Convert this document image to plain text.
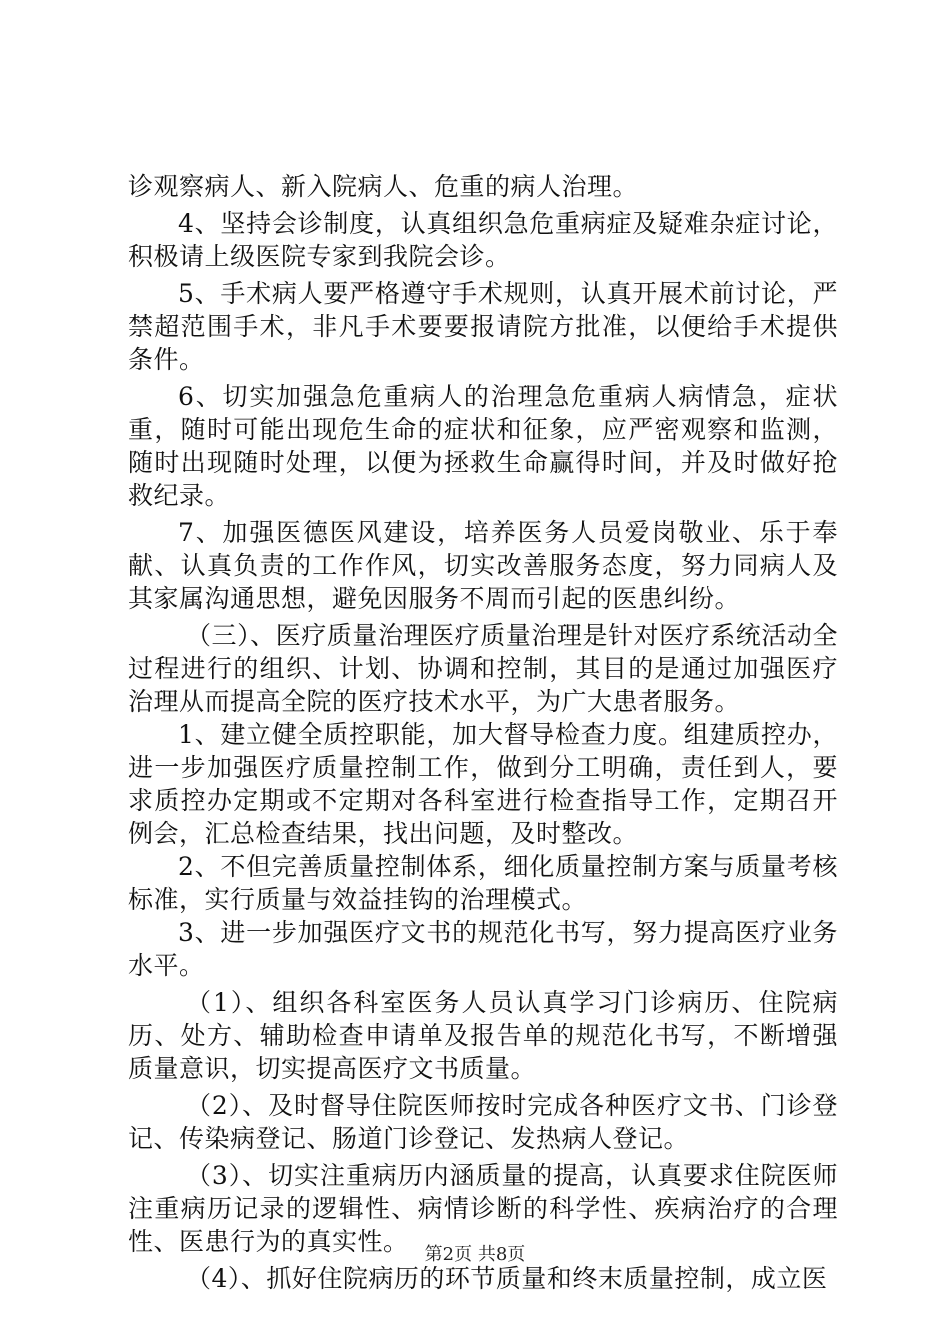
诊观察病人、新入院病人、危重的病人治理。

4、坚持会诊制度，认真组织急危重病症及疑难杂症讨论，积极请上级医院专家到我院会诊。

5、手术病人要严格遵守手术规则，认真开展术前讨论，严禁超范围手术，非凡手术要要报请院方批准，以便给手术提供条件。

6、切实加强急危重病人的治理急危重病人病情急，症状重，随时可能出现危生命的症状和征象，应严密观察和监测，随时出现随时处理，以便为拯救生命赢得时间，并及时做好抢救纪录。

7、加强医德医风建设，培养医务人员爱岗敬业、乐于奉献、认真负责的工作作风，切实改善服务态度，努力同病人及其家属沟通思想，避免因服务不周而引起的医患纠纷。

（三）、医疗质量治理医疗质量治理是针对医疗系统活动全过程进行的组织、计划、协调和控制，其目的是通过加强医疗治理从而提高全院的医疗技术水平，为广大患者服务。

1、建立健全质控职能，加大督导检查力度。组建质控办，进一步加强医疗质量控制工作，做到分工明确，责任到人，要求质控办定期或不定期对各科室进行检查指导工作，定期召开例会，汇总检查结果，找出问题，及时整改。

2、不但完善质量控制体系，细化质量控制方案与质量考核标准，实行质量与效益挂钩的治理模式。

3、进一步加强医疗文书的规范化书写，努力提高医疗业务水平。

（1）、组织各科室医务人员认真学习门诊病历、住院病历、处方、辅助检查申请单及报告单的规范化书写，不断增强质量意识，切实提高医疗文书质量。

（2）、及时督导住院医师按时完成各种医疗文书、门诊登记、传染病登记、肠道门诊登记、发热病人登记。

（3）、切实注重病历内涵质量的提高，认真要求住院医师注重病历记录的逻辑性、病情诊断的科学性、疾病治疗的合理性、医患行为的真实性。

（4）、抓好住院病历的环节质量和终末质量控制，成立医

第2页 共8页
